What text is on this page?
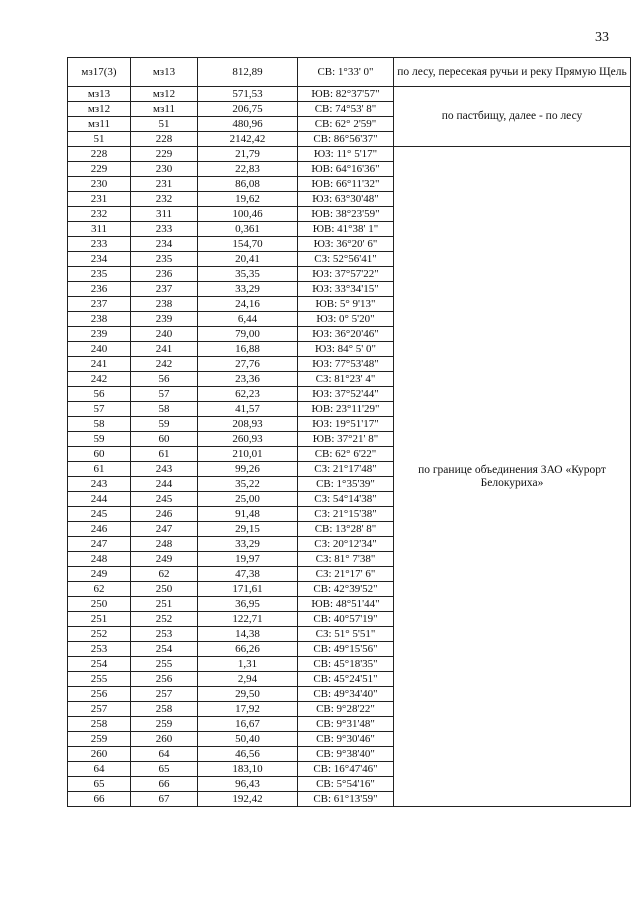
33
мз17(3)	мз13	812,89	СВ: 1°33' 0"	по лесу, пересекая ручьи и реку Прямую Щель
мз13	мз12	571,53	ЮВ: 82°37'57"	по пастбищу, далее - по лесу
мз12	мз11	206,75	СВ: 74°53' 8"	
мз11	51	480,96	СВ: 62° 2'59"	
51	228	2142,42	СВ: 86°56'37"	
228	229	21,79	ЮЗ: 11° 5'17"	по границе объединения ЗАО «Курорт Белокуриха»
229	230	22,83	ЮВ: 64°16'36"	
230	231	86,08	ЮВ: 66°11'32"	
231	232	19,62	ЮЗ: 63°30'48"	
232	311	100,46	ЮВ: 38°23'59"	
311	233	0,361	ЮВ: 41°38' 1"	
233	234	154,70	ЮЗ: 36°20' 6"	
234	235	20,41	СЗ: 52°56'41"	
235	236	35,35	ЮЗ: 37°57'22"	
236	237	33,29	ЮЗ: 33°34'15"	
237	238	24,16	ЮВ: 5° 9'13"	
238	239	6,44	ЮЗ: 0° 5'20"	
239	240	79,00	ЮЗ: 36°20'46"	
240	241	16,88	ЮЗ: 84° 5' 0"	
241	242	27,76	ЮЗ: 77°53'48"	
242	56	23,36	СЗ: 81°23' 4"	
56	57	62,23	ЮЗ: 37°52'44"	
57	58	41,57	ЮВ: 23°11'29"	
58	59	208,93	ЮЗ: 19°51'17"	
59	60	260,93	ЮВ: 37°21' 8"	
60	61	210,01	СВ: 62° 6'22"	
61	243	99,26	СЗ: 21°17'48"	
243	244	35,22	СВ: 1°35'39"	
244	245	25,00	СЗ: 54°14'38"	
245	246	91,48	СЗ: 21°15'38"	
246	247	29,15	СВ: 13°28' 8"	
247	248	33,29	СЗ: 20°12'34"	
248	249	19,97	СЗ: 81° 7'38"	
249	62	47,38	СЗ: 21°17' 6"	
62	250	171,61	СВ: 42°39'52"	
250	251	36,95	ЮВ: 48°51'44"	
251	252	122,71	СВ: 40°57'19"	
252	253	14,38	СЗ: 51° 5'51"	
253	254	66,26	СВ: 49°15'56"	
254	255	1,31	СВ: 45°18'35"	
255	256	2,94	СВ: 45°24'51"	
256	257	29,50	СВ: 49°34'40"	
257	258	17,92	СВ: 9°28'22"	
258	259	16,67	СВ: 9°31'48"	
259	260	50,40	СВ: 9°30'46"	
260	64	46,56	СВ: 9°38'40"	
64	65	183,10	СВ: 16°47'46"	
65	66	96,43	СВ: 5°54'16"	
66	67	192,42	СВ: 61°13'59"	
